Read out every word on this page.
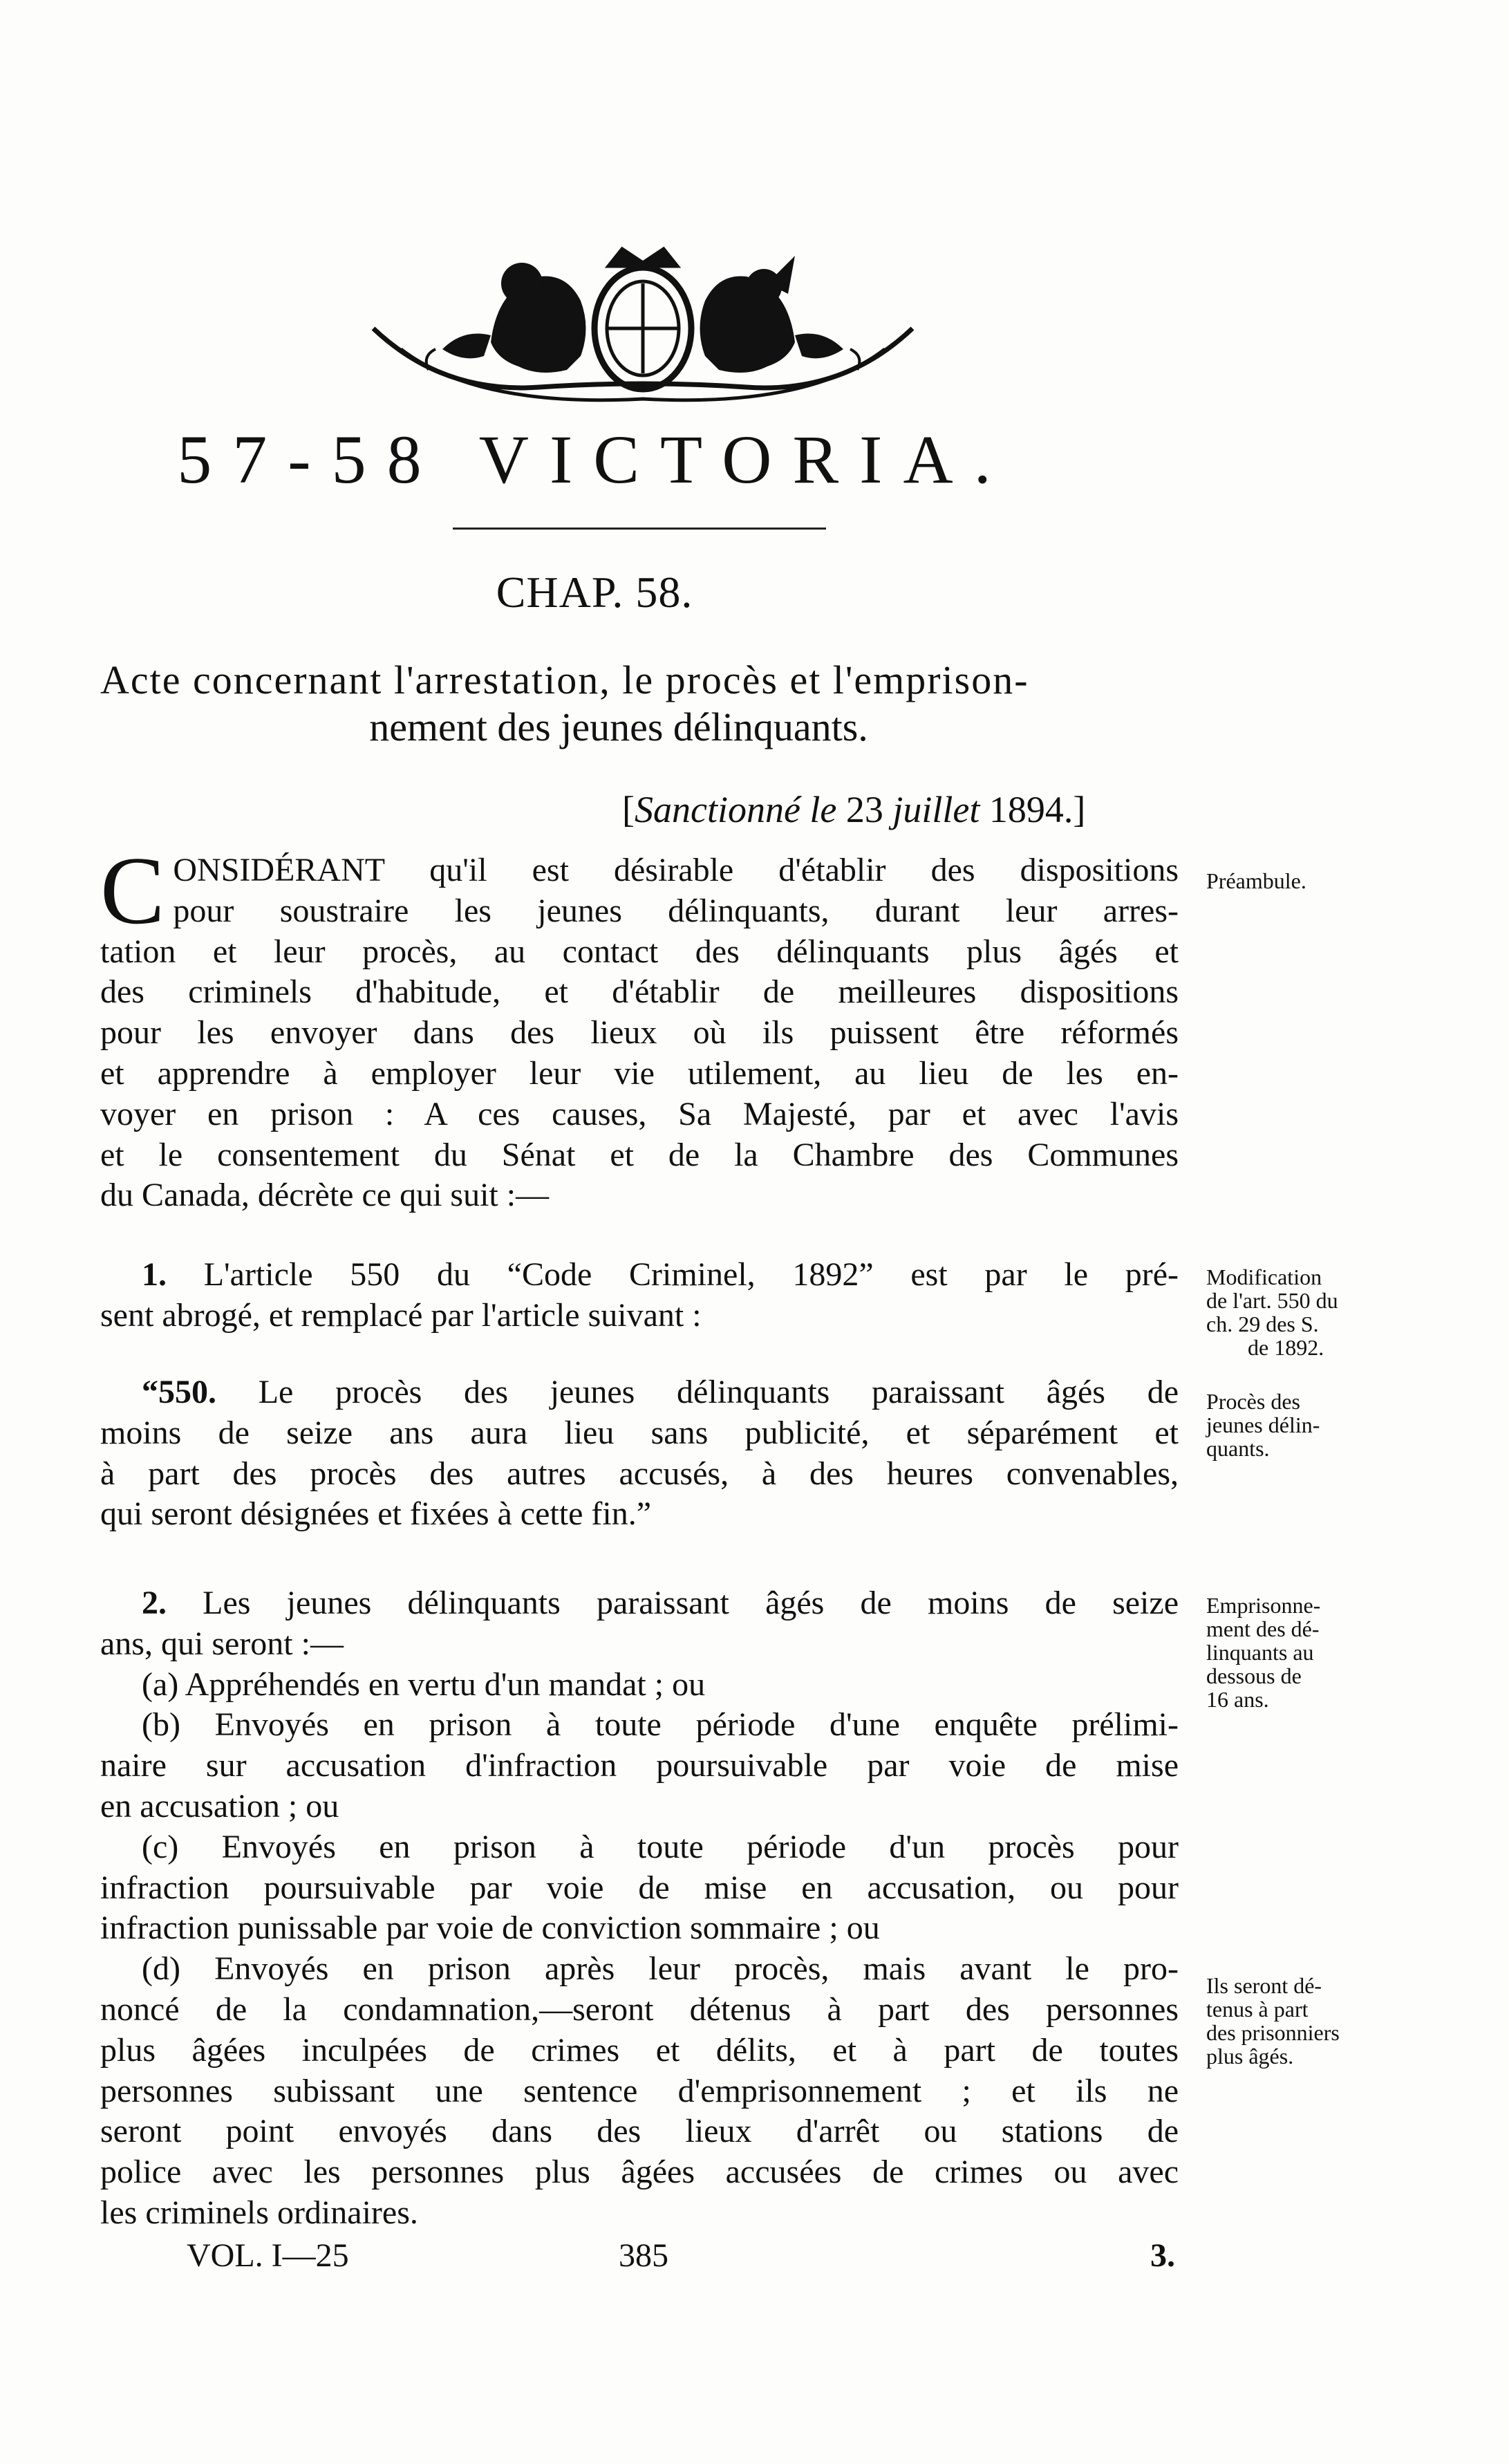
57-58 VICTORIA.
CHAP. 58.
Acte concernant l'arrestation, le procès et l'emprison-
nement des jeunes délinquants.
[Sanctionné le 23 juillet 1894.]
C ONSIDÉRANT qu'il est désirable d'établir des dispositions
pour soustraire les jeunes délinquants, durant leur arres-
tation et leur procès, au contact des délinquants plus âgés et
des criminels d'habitude, et d'établir de meilleures dispositions
pour les envoyer dans des lieux où ils puissent être réformés
et apprendre à employer leur vie utilement, au lieu de les en-
voyer en prison : A ces causes, Sa Majesté, par et avec l'avis
et le consentement du Sénat et de la Chambre des Communes
du Canada, décrète ce qui suit :—
1. L'article 550 du “Code Criminel, 1892” est par le pré-
sent abrogé, et remplacé par l'article suivant :
“550. Le procès des jeunes délinquants paraissant âgés de
moins de seize ans aura lieu sans publicité, et séparément et
à part des procès des autres accusés, à des heures convenables,
qui seront désignées et fixées à cette fin.”
2. Les jeunes délinquants paraissant âgés de moins de seize
ans, qui seront :—
(a) Appréhendés en vertu d'un mandat ; ou
(b) Envoyés en prison à toute période d'une enquête prélimi-
naire sur accusation d'infraction poursuivable par voie de mise
en accusation ; ou
(c) Envoyés en prison à toute période d'un procès pour
infraction poursuivable par voie de mise en accusation, ou pour
infraction punissable par voie de conviction sommaire ; ou
(d) Envoyés en prison après leur procès, mais avant le pro-
noncé de la condamnation,—seront détenus à part des personnes
plus âgées inculpées de crimes et délits, et à part de toutes
personnes subissant une sentence d'emprisonnement ; et ils ne
seront point envoyés dans des lieux d'arrêt ou stations de
police avec les personnes plus âgées accusées de crimes ou avec
les criminels ordinaires.
Préambule.
Modification
de l'art. 550 du
ch. 29 des S.
de 1892.
Procès des
jeunes délin-
quants.
Emprisonne-
ment des dé-
linquants au
dessous de
16 ans.
Ils seront dé-
tenus à part
des prisonniers
plus âgés.
VOL. I—25	385	3.
